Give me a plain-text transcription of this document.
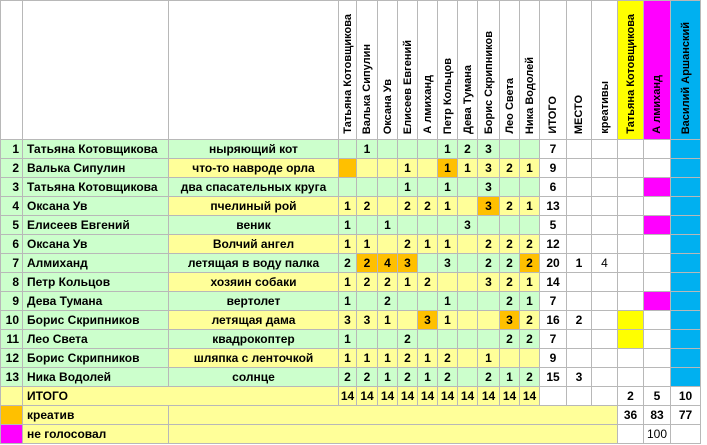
			Татьяна Котовщикова	Валька Сипулин	Оксана Ув	Елисеев Евгений	А лмиханд	Петр Кольцов	Дева Тумана	Борис Скрипников	Лео Света	Ника Водолей	ИТОГО	МЕСТО	креативы	Татьяна Котовщикова	А лмиханд	Василий Аршанский
1	Татьяна Котовщикова	ныряющий кот		1				1	2	3			7					
2	Валька Сипулин	что-то навроде орла				1		1	1	3	2	1	9					
3	Татьяна Котовщикова	два спасательных круга				1		1		3			6					
4	Оксана Ув	пчелиный рой	1	2		2	2	1		3	2	1	13					
5	Елисеев Евгений	веник	1		1				3				5					
6	Оксана Ув	Волчий ангел	1	1		2	1	1		2	2	2	12					
7	Алмиханд	летящая в воду палка	2	2	4	3		3		2	2	2	20	1	4			
8	Петр Кольцов	хозяин собаки	1	2	2	1	2			3	2	1	14					
9	Дева Тумана	вертолет	1		2			1			2	1	7					
10	Борис Скрипников	летящая дама	3	3	1		3	1			3	2	16	2				
11	Лео Света	квадрокоптер	1			2					2	2	7					
12	Борис Скрипников	шляпка с ленточкой	1	1	1	2	1	2		1			9					
13	Ника Водолей	солнце	2	2	1	2	1	2		2	1	2	15	3				
	ИТОГО		14	14	14	14	14	14	14	14	14	14				2	5	10
	креатив															36	83	77
	не голосовал																100	
